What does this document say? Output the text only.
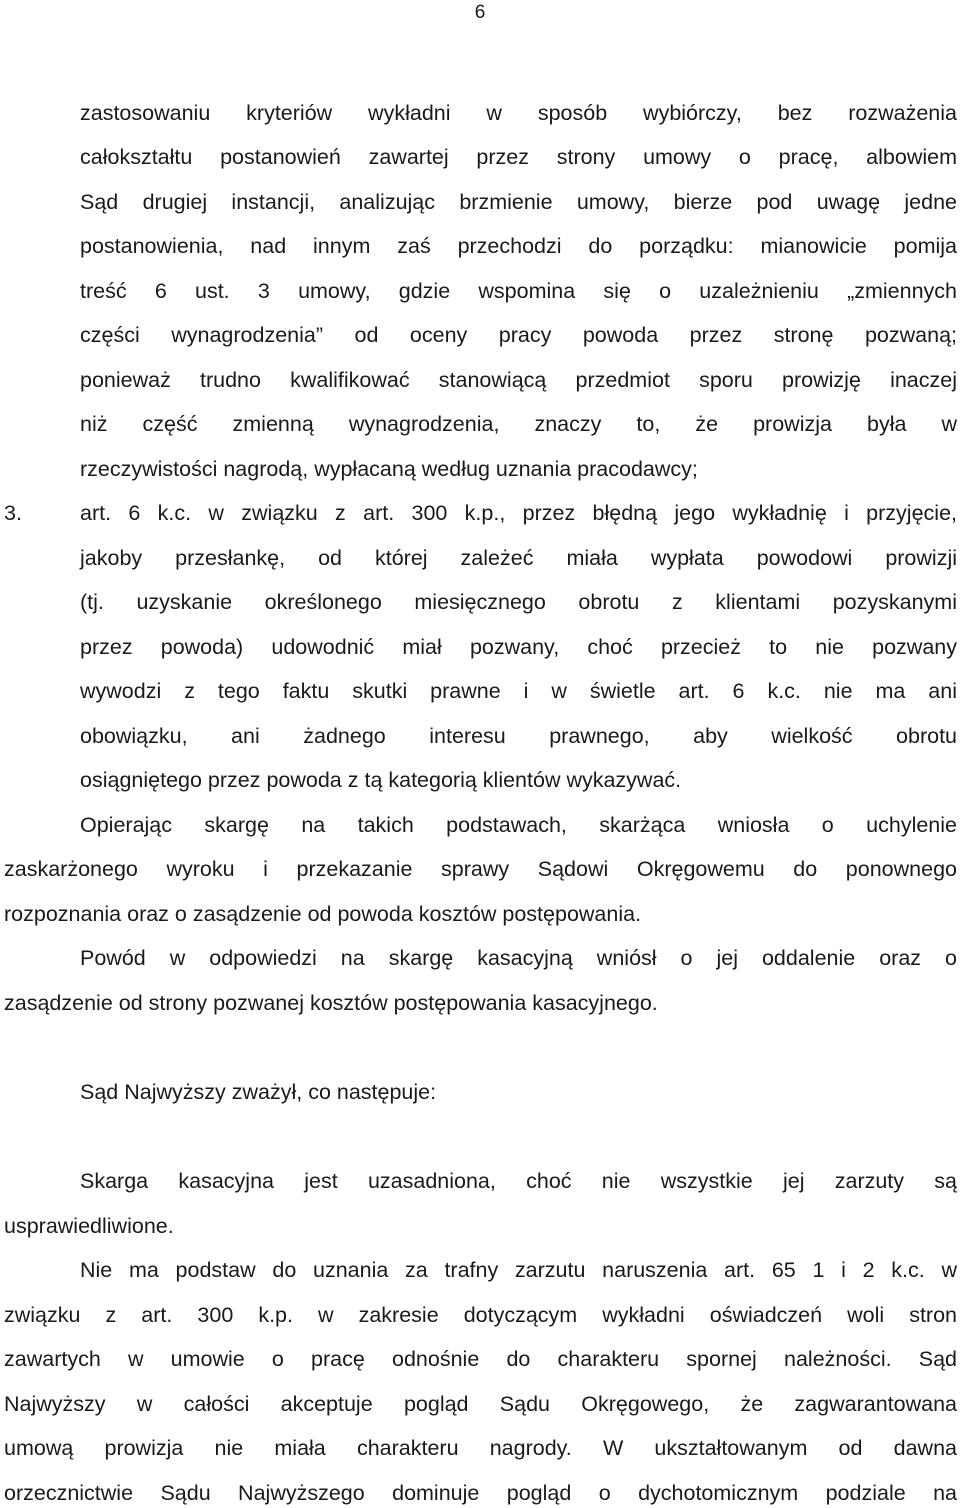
6
zastosowaniu kryteriów wykładni w sposób wybiórczy, bez rozważenia
całokształtu postanowień zawartej przez strony umowy o pracę, albowiem
Sąd drugiej instancji, analizując brzmienie umowy, bierze pod uwagę jedne
postanowienia, nad innym zaś przechodzi do porządku: mianowicie pomija
treść 6 ust. 3 umowy, gdzie wspomina się o uzależnieniu „zmiennych
części wynagrodzenia” od oceny pracy powoda przez stronę pozwaną;
ponieważ trudno kwalifikować stanowiącą przedmiot sporu prowizję inaczej
niż część zmienną wynagrodzenia, znaczy to, że prowizja była w
rzeczywistości nagrodą, wypłacaną według uznania pracodawcy;
3.	art. 6 k.c. w związku z art. 300 k.p., przez błędną jego wykładnię i przyjęcie,
jakoby przesłankę, od której zależeć miała wypłata powodowi prowizji
(tj. uzyskanie określonego miesięcznego obrotu z klientami pozyskanymi
przez powoda) udowodnić miał pozwany, choć przecież to nie pozwany
wywodzi z tego faktu skutki prawne i w świetle art. 6 k.c. nie ma ani
obowiązku, ani żadnego interesu prawnego, aby wielkość obrotu
osiągniętego przez powoda z tą kategorią klientów wykazywać.
Opierając skargę na takich podstawach, skarżąca wniosła o uchylenie
zaskarżonego wyroku i przekazanie sprawy Sądowi Okręgowemu do ponownego
rozpoznania oraz o zasądzenie od powoda kosztów postępowania.
Powód w odpowiedzi na skargę kasacyjną wniósł o jej oddalenie oraz o
zasądzenie od strony pozwanej kosztów postępowania kasacyjnego.
Sąd Najwyższy zważył, co następuje:
Skarga kasacyjna jest uzasadniona, choć nie wszystkie jej zarzuty są
usprawiedliwione.
Nie ma podstaw do uznania za trafny zarzutu naruszenia art. 65 1 i 2 k.c. w
związku z art. 300 k.p. w zakresie dotyczącym wykładni oświadczeń woli stron
zawartych w umowie o pracę odnośnie do charakteru spornej należności. Sąd
Najwyższy w całości akceptuje pogląd Sądu Okręgowego, że zagwarantowana
umową prowizja nie miała charakteru nagrody. W ukształtowanym od dawna
orzecznictwie Sądu Najwyższego dominuje pogląd o dychotomicznym podziale na
